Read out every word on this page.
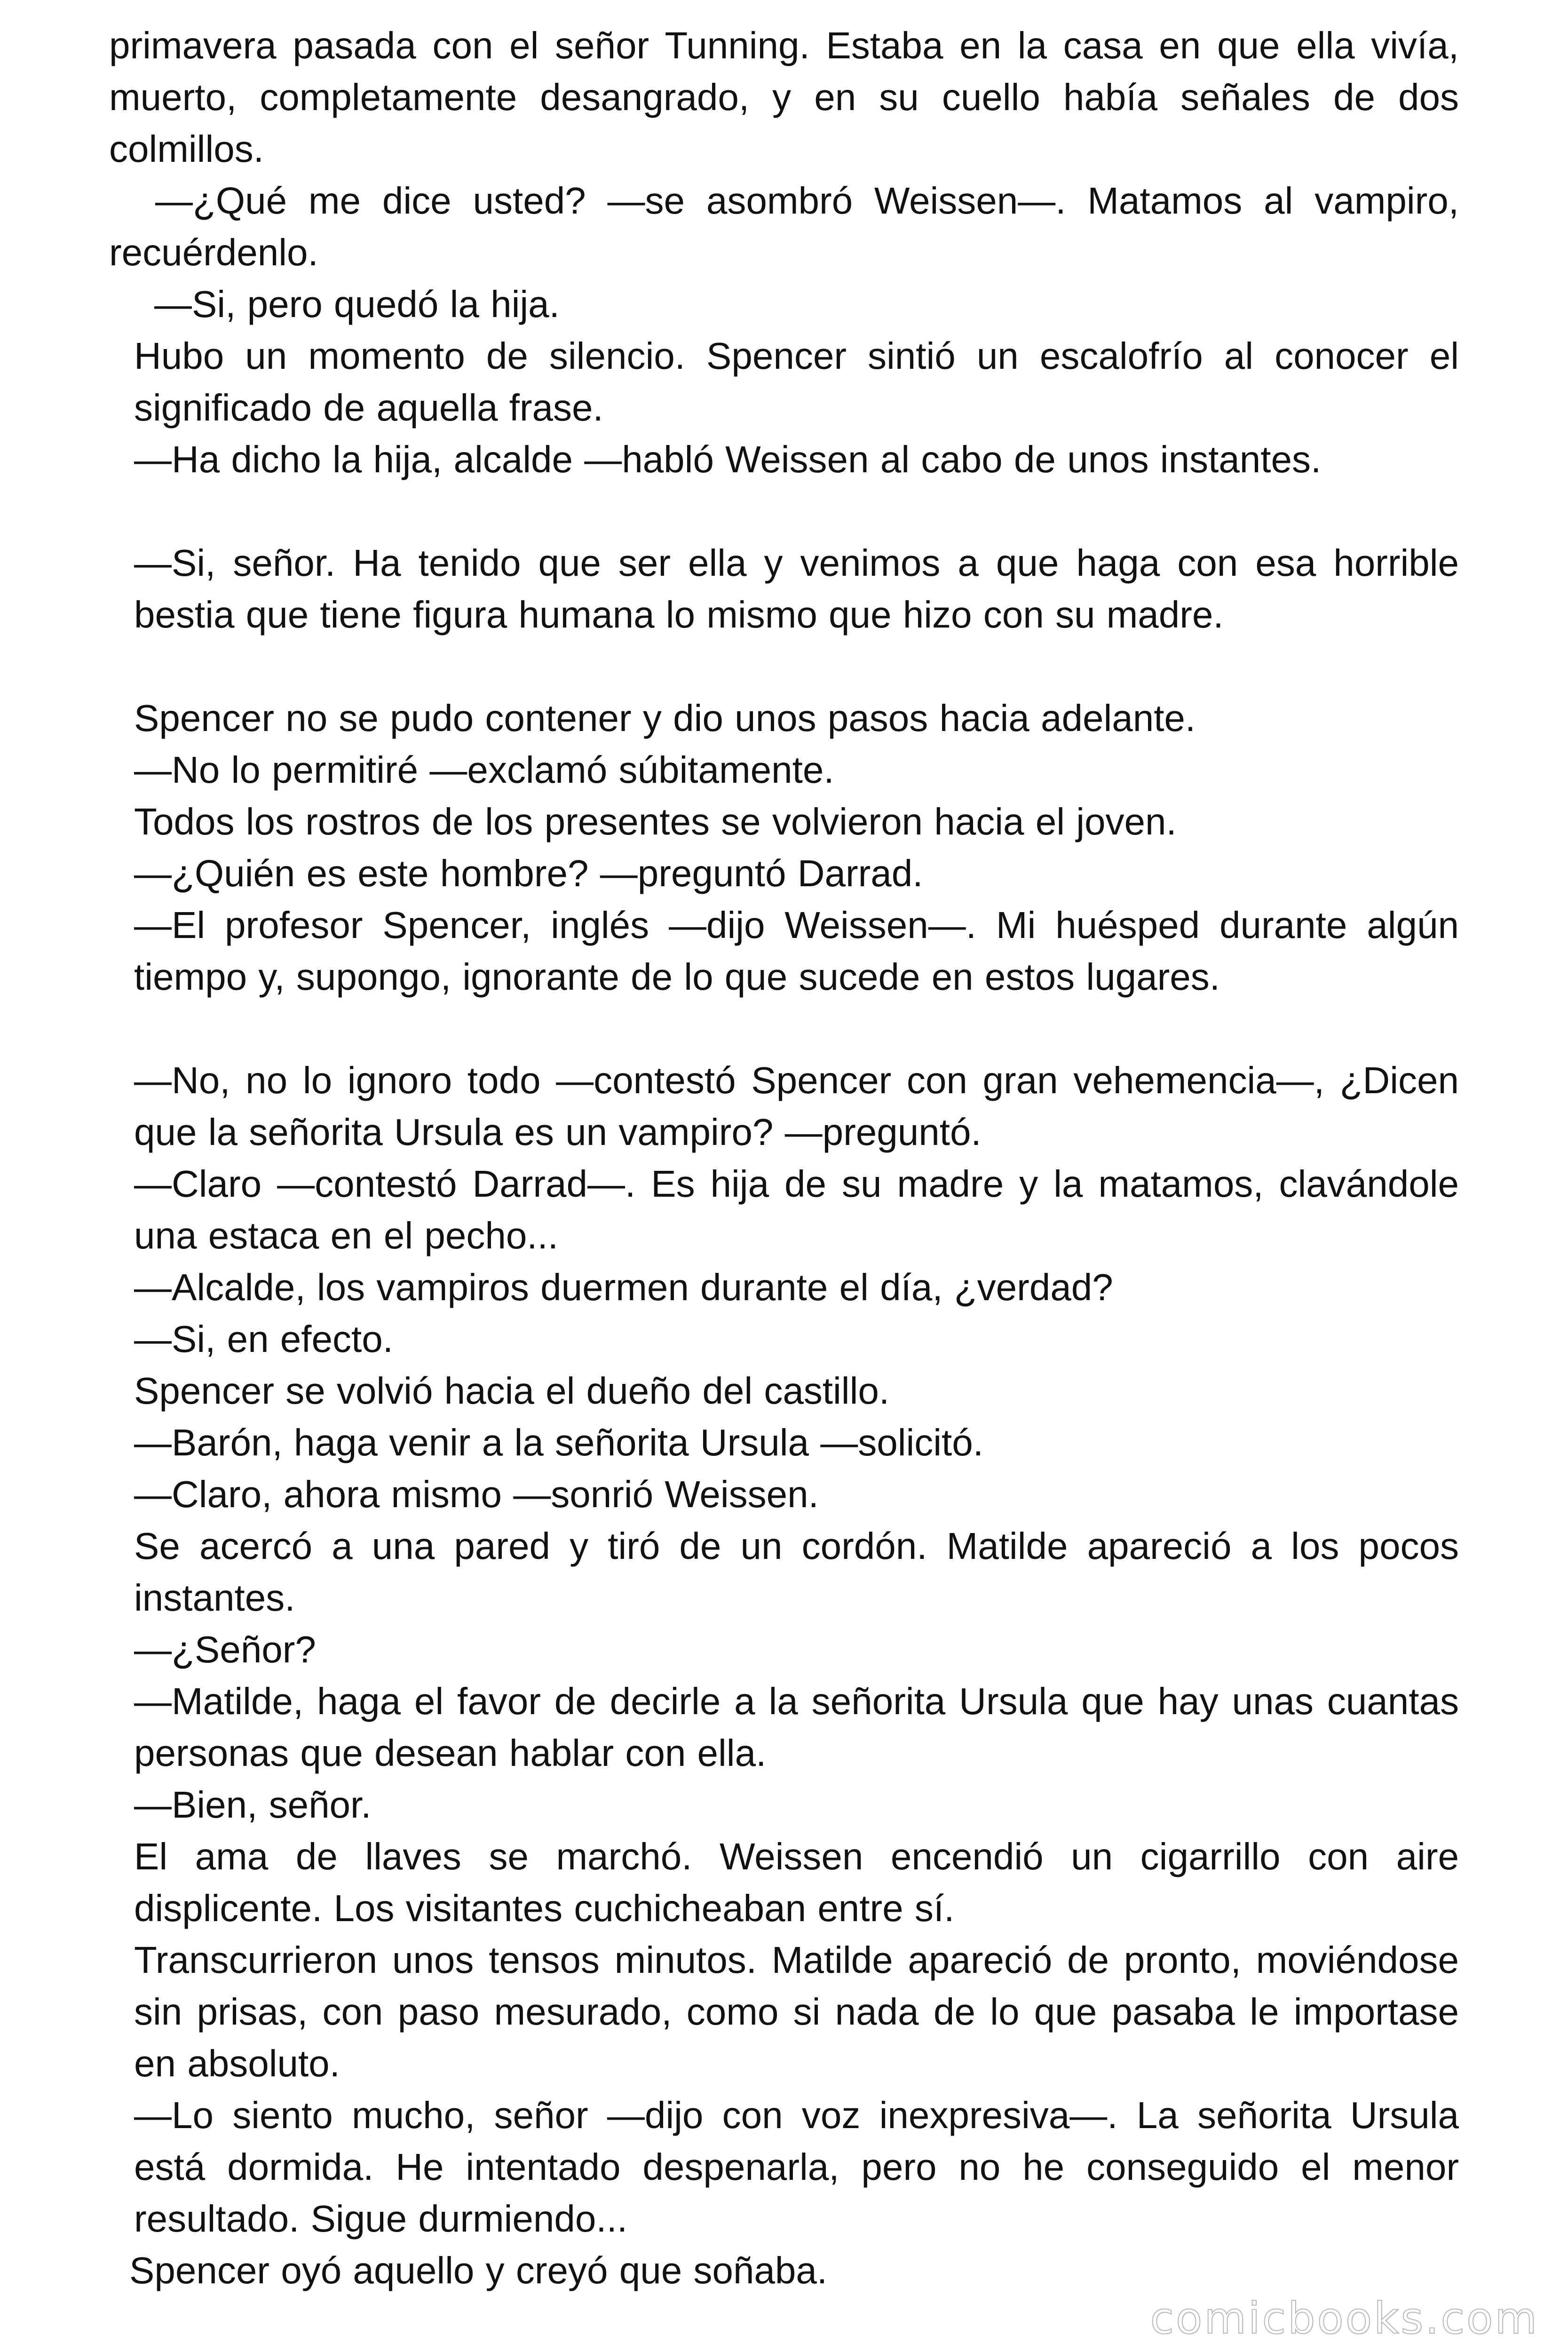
primavera pasada con el señor Tunning. Estaba en la casa en que ella vivía, muerto, completamente desangrado, y en su cuello había señales de dos colmillos.

—¿Qué me dice usted? —se asombró Weissen—. Matamos al vampiro, recuérdenlo.

—Si, pero quedó la hija.

Hubo un momento de silencio. Spencer sintió un escalofrío al conocer el significado de aquella frase.

—Ha dicho la hija, alcalde —habló Weissen al cabo de unos instantes.

—Si, señor. Ha tenido que ser ella y venimos a que haga con esa horrible bestia que tiene figura humana lo mismo que hizo con su madre.

Spencer no se pudo contener y dio unos pasos hacia adelante.

—No lo permitiré —exclamó súbitamente.

Todos los rostros de los presentes se volvieron hacia el joven.

—¿Quién es este hombre? —preguntó Darrad.

—El profesor Spencer, inglés —dijo Weissen—. Mi huésped durante algún tiempo y, supongo, ignorante de lo que sucede en estos lugares.

—No, no lo ignoro todo —contestó Spencer con gran vehemencia—, ¿Dicen que la señorita Ursula es un vampiro? —preguntó.

—Claro —contestó Darrad—. Es hija de su madre y la matamos, clavándole una estaca en el pecho...

—Alcalde, los vampiros duermen durante el día, ¿verdad?

—Si, en efecto.

Spencer se volvió hacia el dueño del castillo.

—Barón, haga venir a la señorita Ursula —solicitó.

—Claro, ahora mismo —sonrió Weissen.

Se acercó a una pared y tiró de un cordón. Matilde apareció a los pocos instantes.

—¿Señor?

—Matilde, haga el favor de decirle a la señorita Ursula que hay unas cuantas personas que desean hablar con ella.

—Bien, señor.

El ama de llaves se marchó. Weissen encendió un cigarrillo con aire displicente. Los visitantes cuchicheaban entre sí.

Transcurrieron unos tensos minutos. Matilde apareció de pronto, moviéndose sin prisas, con paso mesurado, como si nada de lo que pasaba le importase en absoluto.

—Lo siento mucho, señor —dijo con voz inexpresiva—. La señorita Ursula está dormida. He intentado despenarla, pero no he conseguido el menor resultado. Sigue durmiendo...

Spencer oyó aquello y creyó que soñaba.

comicbooks.com
